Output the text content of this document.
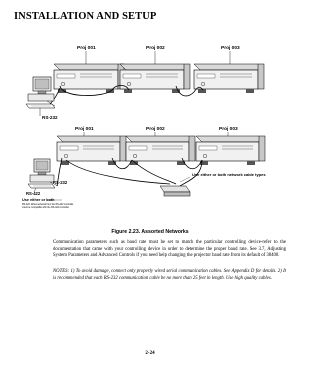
INSTALLATION AND SETUP
Proj 001	Proj 002	Proj 003
RS-232
Proj 001	Proj 002	Proj 003
Use either or both network cable types
RS-422
RS-232
Use either or both
RS-422: Ethernet/serial from the RS-422 controller
must be compatible with the RS-422 controller

Figure 2.23. Assorted Networks

Communication parameters such as baud rate must be set to match the particular controlling device-refer to the documentation that came with your controlling device in order to determine the proper baud rate. See 3.7, Adjusting System Parameters and Advanced Controls if you need help changing the projector baud rate from its default of 38400.

NOTES: 1) To avoid damage, connect only properly wired serial communication cables. See Appendix D for details. 2) It is recommended that each RS-232 communication cable be no more than 25 feet in length. Use high quality cables.

2-24
